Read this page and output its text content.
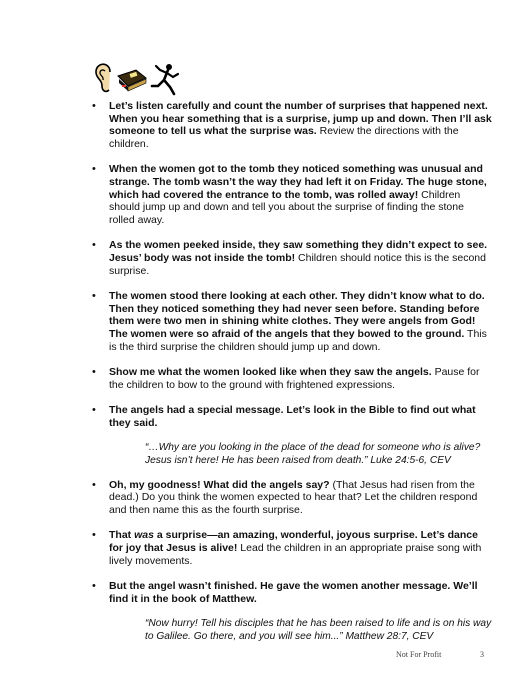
• Let’s listen carefully and count the number of surprises that happened next. When you hear something that is a surprise, jump up and down. Then I’ll ask someone to tell us what the surprise was. Review the directions with the children.
• When the women got to the tomb they noticed something was unusual and strange. The tomb wasn’t the way they had left it on Friday. The huge stone, which had covered the entrance to the tomb, was rolled away! Children should jump up and down and tell you about the surprise of finding the stone rolled away.
• As the women peeked inside, they saw something they didn’t expect to see. Jesus’ body was not inside the tomb! Children should notice this is the second surprise.
• The women stood there looking at each other. They didn’t know what to do. Then they noticed something they had never seen before. Standing before them were two men in shining white clothes. They were angels from God! The women were so afraid of the angels that they bowed to the ground. This is the third surprise the children should jump up and down.
• Show me what the women looked like when they saw the angels. Pause for the children to bow to the ground with frightened expressions.
• The angels had a special message. Let’s look in the Bible to find out what they said.
“…Why are you looking in the place of the dead for someone who is alive? Jesus isn’t here! He has been raised from death.” Luke 24:5-6, CEV
• Oh, my goodness! What did the angels say? (That Jesus had risen from the dead.) Do you think the women expected to hear that? Let the children respond and then name this as the fourth surprise.
• That was a surprise—an amazing, wonderful, joyous surprise. Let’s dance for joy that Jesus is alive! Lead the children in an appropriate praise song with lively movements.
• But the angel wasn’t finished. He gave the women another message. We’ll find it in the book of Matthew.
“Now hurry! Tell his disciples that he has been raised to life and is on his way to Galilee. Go there, and you will see him...” Matthew 28:7, CEV
Not For Profit	3
